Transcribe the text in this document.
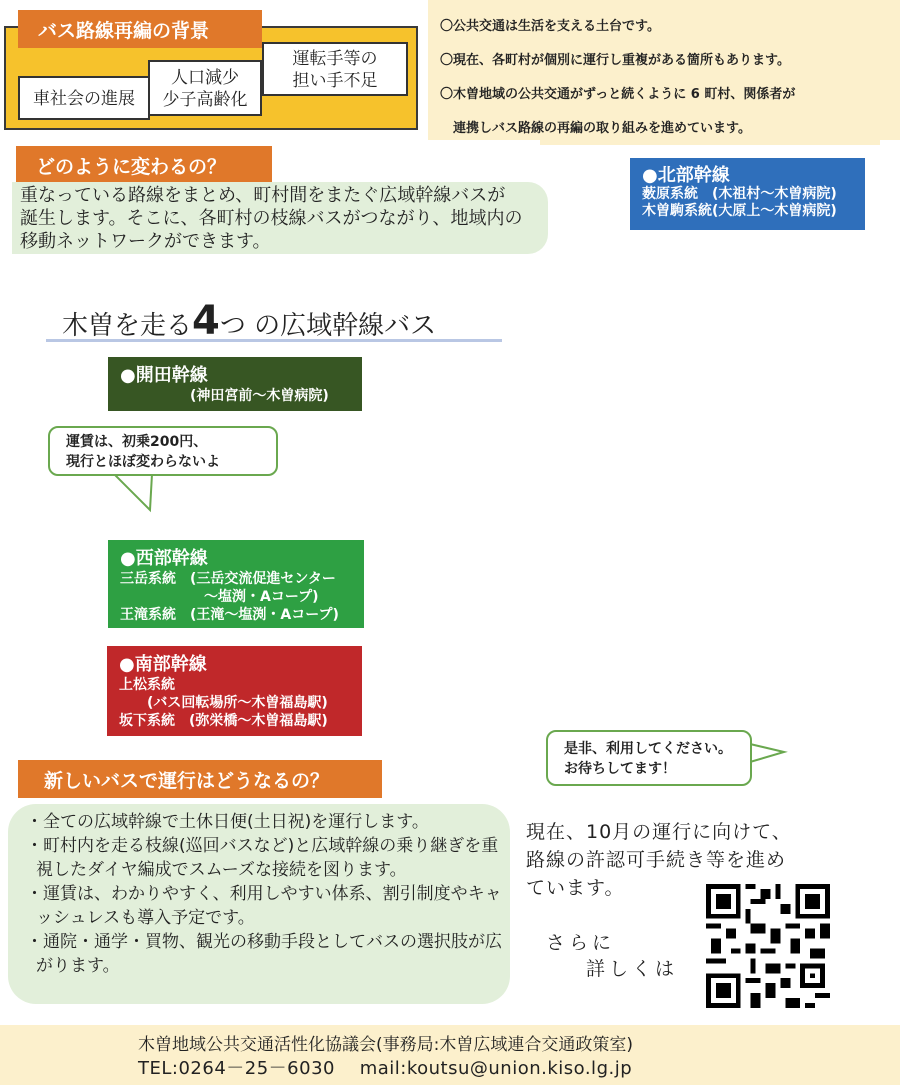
バス路線再編の背景
車社会の進展
人口減少
少子高齢化
運転手等の
担い手不足
〇公共交通は生活を支える土台です。
〇現在、各町村が個別に運行し重複がある箇所もあります。
〇木曽地域の公共交通がずっと続くように 6 町村、関係者が
　連携しバス路線の再編の取り組みを進めています。
どのように変わるの？
重なっている路線をまとめ、町村間をまたぐ広域幹線バスが
誕生します。そこに、各町村の枝線バスがつながり、地域内の
移動ネットワークができます。
●北部幹線
薮原系統　(木祖村～木曽病院)
木曽駒系統(大原上～木曽病院)
木曽を走る4つ の広域幹線バス
●開田幹線
　　　　　(神田宮前～木曽病院)
運賃は、初乗200円、
現行とほぼ変わらないよ
●西部幹線
三岳系統　(三岳交流促進センター
　　　　　　～塩渕・Aコープ)
王滝系統　(王滝～塩渕・Aコープ)
●南部幹線
上松系統
　　(バス回転場所～木曽福島駅)
坂下系統　(弥栄橋～木曽福島駅)
是非、利用してください。
お待ちしてます！
新しいバスで運行はどうなるの？
・全ての広域幹線で土休日便(土日祝)を運行します。
・町村内を走る枝線(巡回バスなど)と広域幹線の乗り継ぎを重視したダイヤ編成でスムーズな接続を図ります。
・運賃は、わかりやすく、利用しやすい体系、割引制度やキャッシュレスも導入予定です。
・通院・通学・買物、観光の移動手段としてバスの選択肢が広がります。
現在、10月の運行に向けて、
路線の許認可手続き等を進め
ています。
さらに
詳しくは
木曽地域公共交通活性化協議会(事務局:木曽広域連合交通政策室)
TEL:0264－25－6030　 mail:koutsu@union.kiso.lg.jp
